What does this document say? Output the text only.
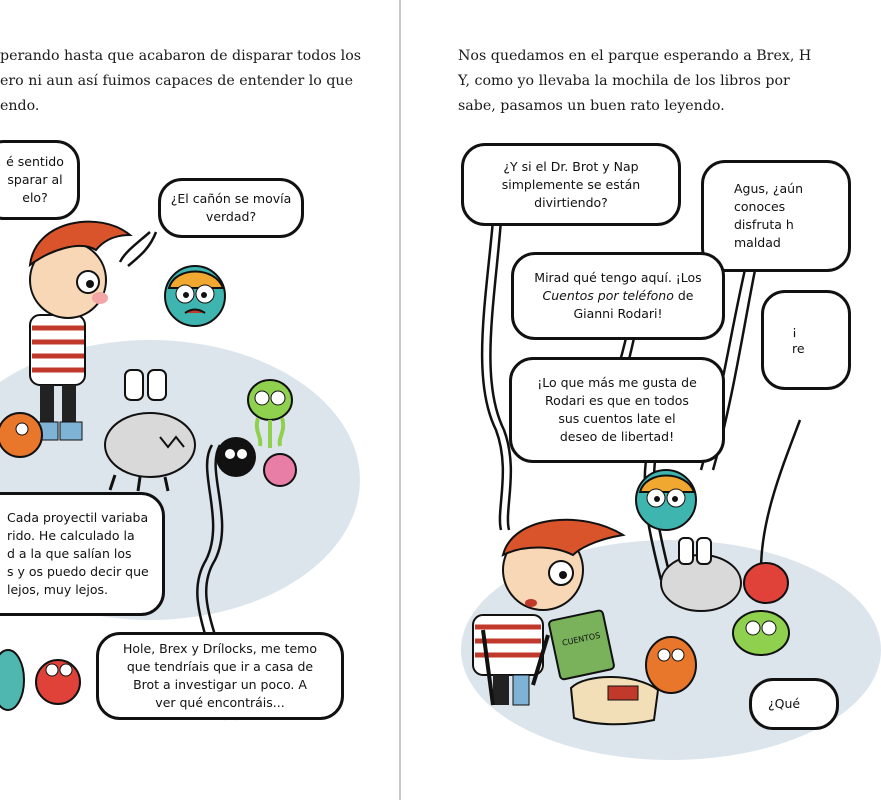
perando hasta que acabaron de disparar todos los
ero ni aun así fuimos capaces de entender lo que
endo.

é sentido
sparar al
elo?	¿El cañón se movía
verdad?
Cada proyectil variaba
rido. He calculado la
d a la que salían los
s y os puedo decir que
lejos, muy lejos.
Hole, Brex y Drílocks, me temo
que tendríais que ir a casa de
Brot a investigar un poco. A
ver qué encontráis...

Nos quedamos en el parque esperando a Brex, H
Y, como yo llevaba la mochila de los libros por
sabe, pasamos un buen rato leyendo.

CUENTOS
¿Y si el Dr. Brot y Nap
simplemente se están
divirtiendo?
Agus, ¿aún
conoces
disfruta h
maldad
Mirad qué tengo aquí. ¡Los
Cuentos por teléfono de
Gianni Rodari!
¡
re
¡Lo que más me gusta de
Rodari es que en todos
sus cuentos late el
deseo de libertad!
¿Qué
